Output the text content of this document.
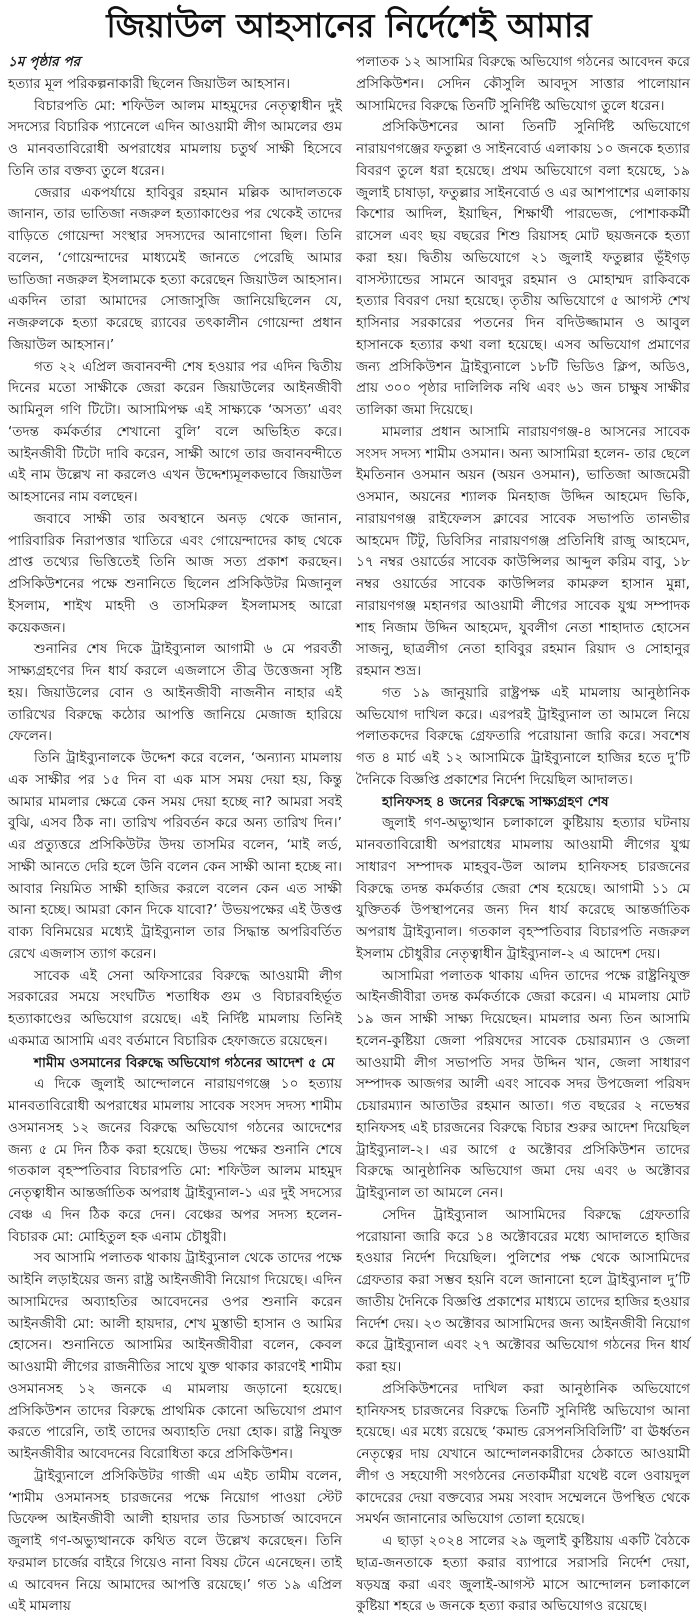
জিয়াউল আহসানের নির্দেশেই আমার

১ম পৃষ্ঠার পর

হত্যার মূল পরিকল্পনাকারী ছিলেন জিয়াউল আহসান।

বিচারপতি মো: শফিউল আলম মাহমুদের নেতৃত্বাধীন দুই সদস্যের বিচারিক প্যানেলে এদিন আওয়ামী লীগ আমলের গুম ও মানবতাবিরোধী অপরাধের মামলায় চতুর্থ সাক্ষী হিসেবে তিনি তার বক্তব্য তুলে ধরেন।

জেরার একপর্যায়ে হাবিবুর রহমান মল্লিক আদালতকে জানান, তার ভাতিজা নজরুল হত্যাকাণ্ডের পর থেকেই তাদের বাড়িতে গোয়েন্দা সংস্থার সদস্যদের আনাগোনা ছিল। তিনি বলেন, ‘গোয়েন্দাদের মাধ্যমেই জানতে পেরেছি আমার ভাতিজা নজরুল ইসলামকে হত্যা করেছেন জিয়াউল আহসান। একদিন তারা আমাদের সোজাসুজি জানিয়েছিলেন যে, নজরুলকে হত্যা করেছে র‌্যাবের তৎকালীন গোয়েন্দা প্রধান জিয়াউল আহসান।’

গত ২২ এপ্রিল জবানবন্দী শেষ হওয়ার পর এদিন দ্বিতীয় দিনের মতো সাক্ষীকে জেরা করেন জিয়াউলের আইনজীবী আমিনুল গণি টিটো। আসামিপক্ষ এই সাক্ষ্যকে ‘অসত্য’ এবং ‘তদন্ত কর্মকর্তার শেখানো বুলি’ বলে অভিহিত করে। আইনজীবী টিটো দাবি করেন, সাক্ষী আগে তার জবানবন্দীতে এই নাম উল্লেখ না করলেও এখন উদ্দেশ্যমূলকভাবে জিয়াউল আহসানের নাম বলছেন।

জবাবে সাক্ষী তার অবস্থানে অনড় থেকে জানান, পারিবারিক নিরাপত্তার খাতিরে এবং গোয়েন্দাদের কাছ থেকে প্রাপ্ত তথ্যের ভিত্তিতেই তিনি আজ সত্য প্রকাশ করছেন। প্রসিকিউশনের পক্ষে শুনানিতে ছিলেন প্রসিকিউটর মিজানুল ইসলাম, শাইখ মাহদী ও তাসমিরুল ইসলামসহ আরো কয়েকজন।

শুনানির শেষ দিকে ট্রাইব্যুনাল আগামী ৬ মে পরবর্তী সাক্ষ্যগ্রহণের দিন ধার্য করলে এজলাসে তীব্র উত্তেজনা সৃষ্টি হয়। জিয়াউলের বোন ও আইনজীবী নাজনীন নাহার এই তারিখের বিরুদ্ধে কঠোর আপত্তি জানিয়ে মেজাজ হারিয়ে ফেলেন।

তিনি ট্রাইব্যুনালকে উদ্দেশ করে বলেন, ‘অন্যান্য মামলায় এক সাক্ষীর পর ১৫ দিন বা এক মাস সময় দেয়া হয়, কিন্তু আমার মামলার ক্ষেত্রে কেন সময় দেয়া হচ্ছে না? আমরা সবই বুঝি, এসব ঠিক না। তারিখ পরিবর্তন করে অন্য তারিখ দিন।’ এর প্রত্যুত্তরে প্রসিকিউটর উদয় তাসমির বলেন, ‘মাই লর্ড, সাক্ষী আনতে দেরি হলে উনি বলেন কেন সাক্ষী আনা হচ্ছে না। আবার নিয়মিত সাক্ষী হাজির করলে বলেন কেন এত সাক্ষী আনা হচ্ছে। আমরা কোন দিকে যাবো?’ উভয়পক্ষের এই উত্তপ্ত বাক্য বিনিময়ের মধ্যেই ট্রাইব্যুনাল তার সিদ্ধান্ত অপরিবর্তিত রেখে এজলাস ত্যাগ করেন।

সাবেক এই সেনা অফিসারের বিরুদ্ধে আওয়ামী লীগ সরকারের সময়ে সংঘটিত শতাধিক গুম ও বিচারবহির্ভূত হত্যাকাণ্ডের অভিযোগ রয়েছে। এই নির্দিষ্ট মামলায় তিনিই একমাত্র আসামি এবং বর্তমানে বিচারিক হেফাজতে রয়েছেন।

শামীম ওসমানের বিরুদ্ধে অভিযোগ গঠনের আদেশ ৫ মে

এ দিকে জুলাই আন্দোলনে নারায়ণগঞ্জে ১০ হত্যায় মানবতাবিরোধী অপরাধের মামলায় সাবেক সংসদ সদস্য শামীম ওসমানসহ ১২ জনের বিরুদ্ধে অভিযোগ গঠনের আদেশের জন্য ৫ মে দিন ঠিক করা হয়েছে। উভয় পক্ষের শুনানি শেষে গতকাল বৃহস্পতিবার বিচারপতি মো: শফিউল আলম মাহমুদ নেতৃত্বাধীন আন্তর্জাতিক অপরাধ ট্রাইব্যুনাল-১ এর দুই সদস্যের বেঞ্চ এ দিন ঠিক করে দেন। বেঞ্চের অপর সদস্য হলেন- বিচারক মো: মোহিতুল হক এনাম চৌধুরী।

সব আসামি পলাতক থাকায় ট্রাইব্যুনাল থেকে তাদের পক্ষে আইনি লড়াইয়ের জন্য রাষ্ট্র আইনজীবী নিয়োগ দিয়েছে। এদিন আসামিদের অব্যাহতির আবেদনের ওপর শুনানি করেন আইনজীবী মো: আলী হায়দার, শেখ মুস্তাভী হাসান ও আমির হোসেন। শুনানিতে আসামির আইনজীবীরা বলেন, কেবল আওয়ামী লীগের রাজনীতির সাথে যুক্ত থাকার কারণেই শামীম ওসমানসহ ১২ জনকে এ মামলায় জড়ানো হয়েছে। প্রসিকিউশন তাদের বিরুদ্ধে প্রাথমিক কোনো অভিযোগ প্রমাণ করতে পারেনি, তাই তাদের অব্যাহতি দেয়া হোক। রাষ্ট্র নিযুক্ত আইনজীবীর আবেদনের বিরোধিতা করে প্রসিকিউশন।

ট্রাইব্যুনালে প্রসিকিউটর গাজী এম এইচ তামীম বলেন, ‘শামীম ওসমানসহ চারজনের পক্ষে নিয়োগ পাওয়া স্টেট ডিফেন্স আইনজীবী আলী হায়দার তার ডিসচার্জ আবেদনে জুলাই গণ-অভ্যুত্থানকে কথিত বলে উল্লেখ করেছেন। তিনি ফরমাল চার্জের বাইরে গিয়েও নানা বিষয় টেনে এনেছেন। তাই এ আবেদন নিয়ে আমাদের আপত্তি রয়েছে।’ গত ১৯ এপ্রিল এই মামলায়

পলাতক ১২ আসামির বিরুদ্ধে অভিযোগ গঠনের আবেদন করে প্রসিকিউশন। সেদিন কৌসুলি আবদুস সাত্তার পালোয়ান আসামিদের বিরুদ্ধে তিনটি সুনির্দিষ্ট অভিযোগ তুলে ধরেন।

প্রসিকিউশনের আনা তিনটি সুনির্দিষ্ট অভিযোগে নারায়ণগঞ্জের ফতুল্লা ও সাইনবোর্ড এলাকায় ১০ জনকে হত্যার বিবরণ তুলে ধরা হয়েছে। প্রথম অভিযোগে বলা হয়েছে, ১৯ জুলাই চাষাড়া, ফতুল্লার সাইনবোর্ড ও এর আশপাশের এলাকায় কিশোর আদিল, ইয়াছিন, শিক্ষার্থী পারভেজ, পোশাককর্মী রাসেল এবং ছয় বছরের শিশু রিয়াসহ মোট ছয়জনকে হত্যা করা হয়। দ্বিতীয় অভিযোগে ২১ জুলাই ফতুল্লার ভূঁইগড় বাসস্ট্যান্ডের সামনে আবদুর রহমান ও মোহাম্মদ রাকিবকে হত্যার বিবরণ দেয়া হয়েছে। তৃতীয় অভিযোগে ৫ আগস্ট শেখ হাসিনার সরকারের পতনের দিন বদিউজ্জামান ও আবুল হাসানকে হত্যার কথা বলা হয়েছে। এসব অভিযোগ প্রমাণের জন্য প্রসিকিউশন ট্রাইব্যুনালে ১৮টি ভিডিও ক্লিপ, অডিও, প্রায় ৩০০ পৃষ্ঠার দালিলিক নথি এবং ৬১ জন চাক্ষুষ সাক্ষীর তালিকা জমা দিয়েছে।

মামলার প্রধান আসামি নারায়ণগঞ্জ-৪ আসনের সাবেক সংসদ সদস্য শামীম ওসমান। অন্য আসামিরা হলেন- তার ছেলে ইমতিনান ওসমান অয়ন (অয়ন ওসমান), ভাতিজা আজমেরী ওসমান, অয়নের শ্যালক মিনহাজ উদ্দিন আহমেদ ভিকি, নারায়ণগঞ্জ রাইফেলস ক্লাবের সাবেক সভাপতি তানভীর আহমেদ টিটু, ডিবিসির নারায়ণগঞ্জ প্রতিনিধি রাজু আহমেদ, ১৭ নম্বর ওয়ার্ডের সাবেক কাউন্সিলর আব্দুল করিম বাবু, ১৮ নম্বর ওয়ার্ডের সাবেক কাউন্সিলর কামরুল হাসান মুন্না, নারায়ণগঞ্জ মহানগর আওয়ামী লীগের সাবেক যুগ্ম সম্পাদক শাহ নিজাম উদ্দিন আহমেদ, যুবলীগ নেতা শাহাদাত হোসেন সাজনু, ছাত্রলীগ নেতা হাবিবুর রহমান রিয়াদ ও সোহানুর রহমান শুভ্র।

গত ১৯ জানুয়ারি রাষ্ট্রপক্ষ এই মামলায় আনুষ্ঠানিক অভিযোগ দাখিল করে। এরপরই ট্রাইব্যুনাল তা আমলে নিয়ে পলাতকদের বিরুদ্ধে গ্রেফতারি পরোয়ানা জারি করে। সবশেষ গত ৪ মার্চ এই ১২ আসামিকে ট্রাইব্যুনালে হাজির হতে দু’টি দৈনিকে বিজ্ঞপ্তি প্রকাশের নির্দেশ দিয়েছিল আদালত।

হানিফসহ ৪ জনের বিরুদ্ধে সাক্ষ্যগ্রহণ শেষ

জুলাই গণ-অভ্যুত্থান চলাকালে কুষ্টিয়ায় হত্যার ঘটনায় মানবতাবিরোধী অপরাধের মামলায় আওয়ামী লীগের যুগ্ম সাধারণ সম্পাদক মাহবুব-উল আলম হানিফসহ চারজনের বিরুদ্ধে তদন্ত কর্মকর্তার জেরা শেষ হয়েছে। আগামী ১১ মে যুক্তিতর্ক উপস্থাপনের জন্য দিন ধার্য করেছে আন্তর্জাতিক অপরাধ ট্রাইব্যুনাল। গতকাল বৃহস্পতিবার বিচারপতি নজরুল ইসলাম চৌধুরীর নেতৃত্বাধীন ট্রাইব্যুনাল-২ এ আদেশ দেয়।

আসামিরা পলাতক থাকায় এদিন তাদের পক্ষে রাষ্ট্রনিযুক্ত আইনজীবীরা তদন্ত কর্মকর্তাকে জেরা করেন। এ মামলায় মোট ১৯ জন সাক্ষী সাক্ষ্য দিয়েছেন। মামলার অন্য তিন আসামি হলেন-কুষ্টিয়া জেলা পরিষদের সাবেক চেয়ারম্যান ও জেলা আওয়ামী লীগ সভাপতি সদর উদ্দিন খান, জেলা সাধারণ সম্পাদক আজগর আলী এবং সাবেক সদর উপজেলা পরিষদ চেয়ারম্যান আতাউর রহমান আতা। গত বছরের ২ নভেম্বর হানিফসহ এই চারজনের বিরুদ্ধে বিচার শুরুর আদেশ দিয়েছিল ট্রাইব্যুনাল-২। এর আগে ৫ অক্টোবর প্রসিকিউশন তাদের বিরুদ্ধে আনুষ্ঠানিক অভিযোগ জমা দেয় এবং ৬ অক্টোবর ট্রাইব্যুনাল তা আমলে নেন।

সেদিন ট্রাইব্যুনাল আসামিদের বিরুদ্ধে গ্রেফতারি পরোয়ানা জারি করে ১৪ অক্টোবরের মধ্যে আদালতে হাজির হওয়ার নির্দেশ দিয়েছিল। পুলিশের পক্ষ থেকে আসামিদের গ্রেফতার করা সম্ভব হয়নি বলে জানানো হলে ট্রাইব্যুনাল দু’টি জাতীয় দৈনিকে বিজ্ঞপ্তি প্রকাশের মাধ্যমে তাদের হাজির হওয়ার নির্দেশ দেয়। ২৩ অক্টোবর আসামিদের জন্য আইনজীবী নিয়োগ করে ট্রাইব্যুনাল এবং ২৭ অক্টোবর অভিযোগ গঠনের দিন ধার্য করা হয়।

প্রসিকিউশনের দাখিল করা আনুষ্ঠানিক অভিযোগে হানিফসহ চারজনের বিরুদ্ধে তিনটি সুনির্দিষ্ট অভিযোগ আনা হয়েছে। এর মধ্যে রয়েছে ‘কমান্ড রেসপনসিবিলিটি’ বা ঊর্ধ্বতন নেতৃত্বের দায় যেখানে আন্দোলনকারীদের ঠেকাতে আওয়ামী লীগ ও সহযোগী সংগঠনের নেতাকর্মীরা যথেষ্ট বলে ওবায়দুল কাদেরের দেয়া বক্তব্যের সময় সংবাদ সম্মেলনে উপস্থিত থেকে সমর্থন জানানোর অভিযোগ তোলা হয়েছে।

এ ছাড়া ২০২৪ সালের ২৯ জুলাই কুষ্টিয়ায় একটি বৈঠকে ছাত্র-জনতাকে হত্যা করার ব্যাপারে সরাসরি নির্দেশ দেয়া, ষড়যন্ত্র করা এবং জুলাই-আগস্ট মাসে আন্দোলন চলাকালে কুষ্টিয়া শহরে ৬ জনকে হত্যা করার অভিযোগও রয়েছে।
